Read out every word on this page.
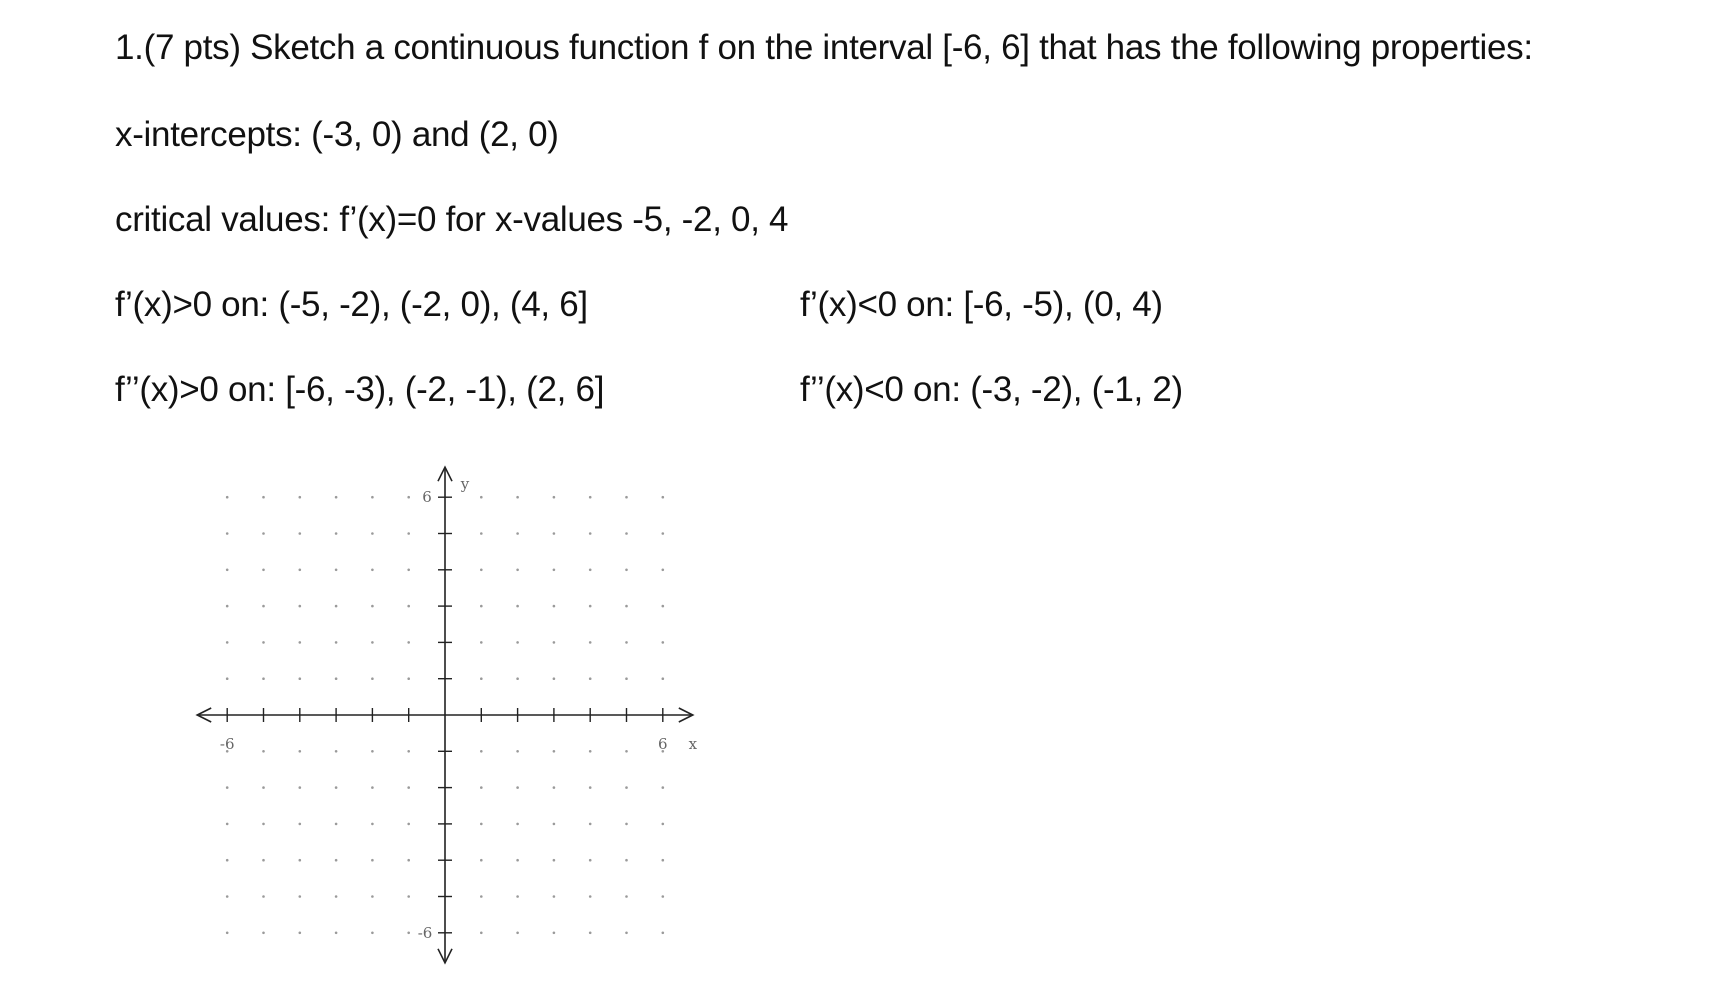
1.(7 pts) Sketch a continuous function f on the interval [-6, 6] that has the following properties:
x-intercepts: (-3, 0) and (2, 0)
critical values: f’(x)=0 for x-values -5, -2, 0, 4
f’(x)>0 on: (-5, -2), (-2, 0), (4, 6]	f’(x)<0 on: [-6, -5), (0, 4)
f’’(x)>0 on: [-6, -3), (-2, -1), (2, 6]	f’’(x)<0 on: (-3, -2), (-1, 2)
-6	6 x
6
-6
y
